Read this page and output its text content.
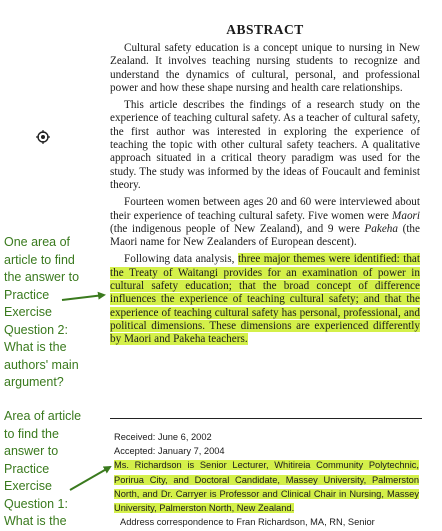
ABSTRACT

Cultural safety education is a concept unique to nursing in New Zealand. It involves teaching nursing students to recognize and understand the dynamics of cultural, personal, and professional power and how these shape nursing and health care relationships.

This article describes the findings of a research study on the experience of teaching cultural safety. As a teacher of cultural safety, the first author was interested in exploring the experience of teaching the topic with other cultural safety teachers. A qualitative approach situated in a critical theory paradigm was used for the study. The study was informed by the ideas of Foucault and feminist theory.

Fourteen women between ages 20 and 60 were interviewed about their experience of teaching cultural safety. Five women were Maori (the indigenous people of New Zealand), and 9 were Pakeha (the Maori name for New Zealanders of European descent).

Following data analysis, three major themes were identified: that the Treaty of Waitangi provides for an examination of power in cultural safety education; that the broad concept of difference influences the experience of teaching cultural safety; and that the experience of teaching cultural safety has personal, professional, and political dimensions. These dimensions are experienced differently by Maori and Pakeha teachers.

One area of article to find the answer to Practice Exercise Question 2: What is the authors' main argument?
Area of article to find the answer to Practice Exercise Question 1: What is the
Received: June 6, 2002
Accepted: January 7, 2004
Ms. Richardson is Senior Lecturer, Whitireia Community Polytechnic, Porirua City, and Doctoral Candidate, Massey University, Palmerston North, and Dr. Carryer is Professor and Clinical Chair in Nursing, Massey University, Palmerston North, New Zealand.
Address correspondence to Fran Richardson, MA, RN, Senior
